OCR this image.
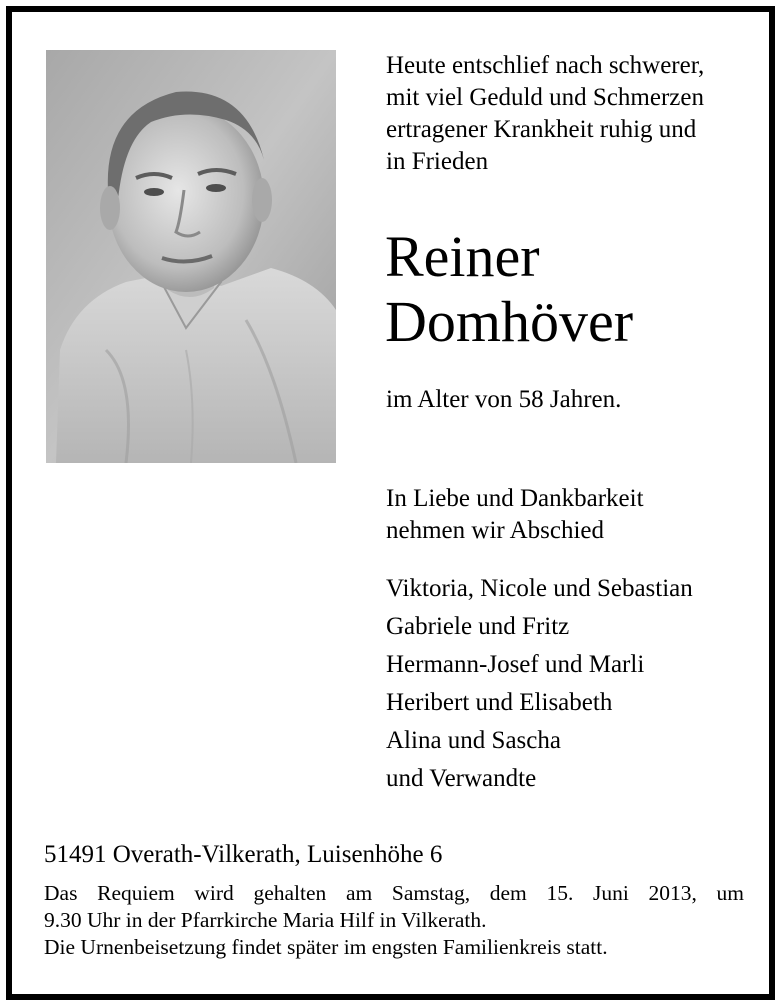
Heute entschlief nach schwerer,
mit viel Geduld und Schmerzen
ertragener Krankheit ruhig und
in Frieden
Reiner
Domhöver
im Alter von 58 Jahren.
In Liebe und Dankbarkeit
nehmen wir Abschied
Viktoria, Nicole und Sebastian
Gabriele und Fritz
Hermann-Josef und Marli
Heribert und Elisabeth
Alina und Sascha
und Verwandte
51491 Overath-Vilkerath, Luisenhöhe 6
Das Requiem wird gehalten am Samstag, dem 15. Juni 2013, um
9.30 Uhr in der Pfarrkirche Maria Hilf in Vilkerath.
Die Urnenbeisetzung findet später im engsten Familienkreis statt.
